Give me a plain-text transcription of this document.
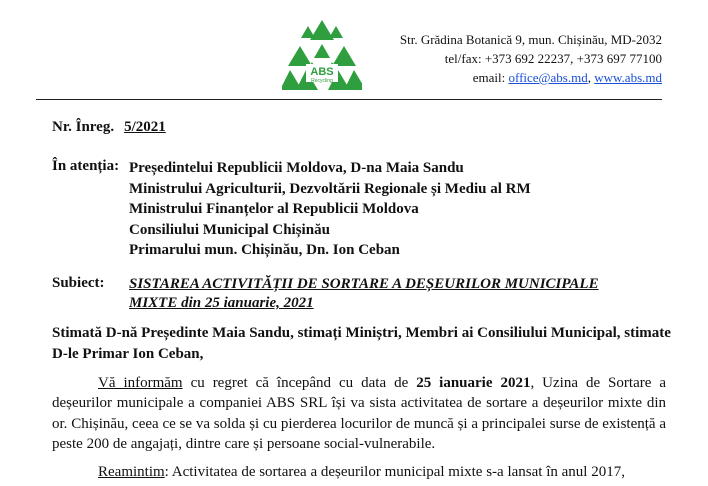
ABS
Recycling
Str. Grădina Botanică 9, mun. Chișinău, MD-2032
tel/fax: +373 692 22237, +373 697 77100
email: office@abs.md, www.abs.md
Nr. Înreg. 5/2021
În atenția: Președintelui Republicii Moldova, D-na Maia Sandu
Ministrului Agriculturii, Dezvoltării Regionale și Mediu al RM
Ministrului Finanțelor al Republicii Moldova
Consiliului Municipal Chișinău
Primarului mun. Chișinău, Dn. Ion Ceban
Subiect: SISTAREA ACTIVITĂȚII DE SORTARE A DEȘEURILOR MUNICIPALE MIXTE din 25 ianuarie, 2021
Stimată D-nă Președinte Maia Sandu, stimați Miniștri, Membri ai Consiliului Municipal, stimate D-le Primar Ion Ceban,
Vă informăm cu regret că începând cu data de 25 ianuarie 2021, Uzina de Sortare a deșeurilor municipale a companiei ABS SRL își va sista activitatea de sortare a deșeurilor mixte din or. Chișinău, ceea ce se va solda și cu pierderea locurilor de muncă și a principalei surse de existență a peste 200 de angajați, dintre care și persoane social-vulnerabile.
Reamintim: Activitatea de sortarea a deșeurilor municipal mixte s-a lansat în anul 2017,
